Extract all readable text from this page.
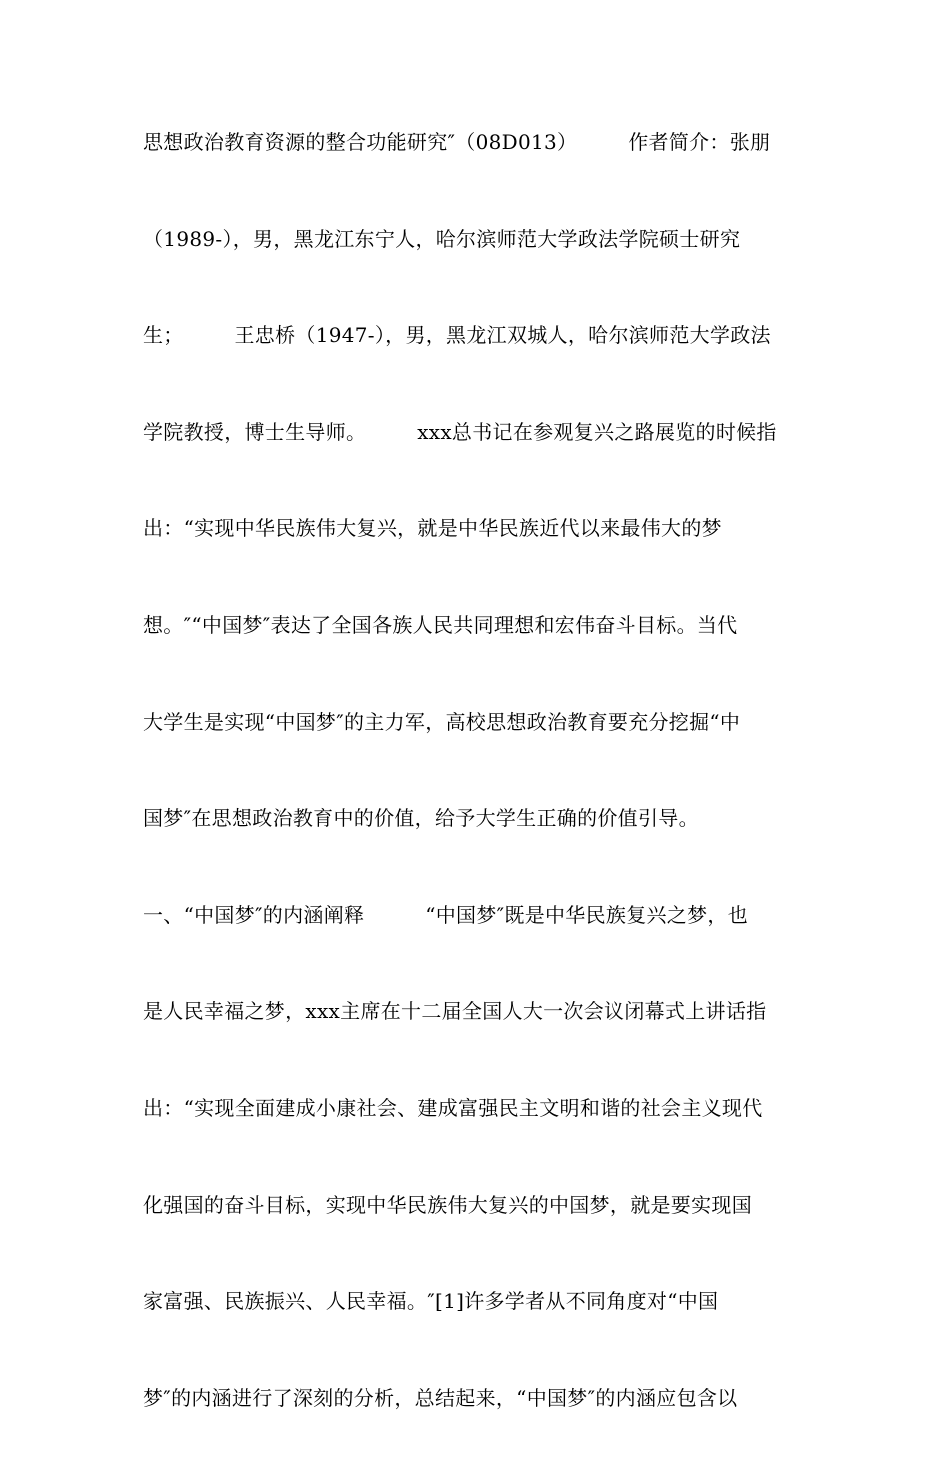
思想政治教育资源的整合功能研究″（08D013）　　　作者简介：张朋
（1989-），男，黑龙江东宁人，哈尔滨师范大学政法学院硕士研究
生；　　　王忠桥（1947-），男，黑龙江双城人，哈尔滨师范大学政法
学院教授，博士生导师。　　　xxx总书记在参观复兴之路展览的时候指
出：“实现中华民族伟大复兴，就是中华民族近代以来最伟大的梦
想。″“中国梦″表达了全国各族人民共同理想和宏伟奋斗目标。当代
大学生是实现“中国梦″的主力军，高校思想政治教育要充分挖掘“中
国梦″在思想政治教育中的价值，给予大学生正确的价值引导。
一、“中国梦″的内涵阐释　　　“中国梦″既是中华民族复兴之梦，也
是人民幸福之梦，xxx主席在十二届全国人大一次会议闭幕式上讲话指
出：“实现全面建成小康社会、建成富强民主文明和谐的社会主义现代
化强国的奋斗目标，实现中华民族伟大复兴的中国梦，就是要实现国
家富强、民族振兴、人民幸福。″[1]许多学者从不同角度对“中国
梦″的内涵进行了深刻的分析，总结起来，“中国梦″的内涵应包含以
